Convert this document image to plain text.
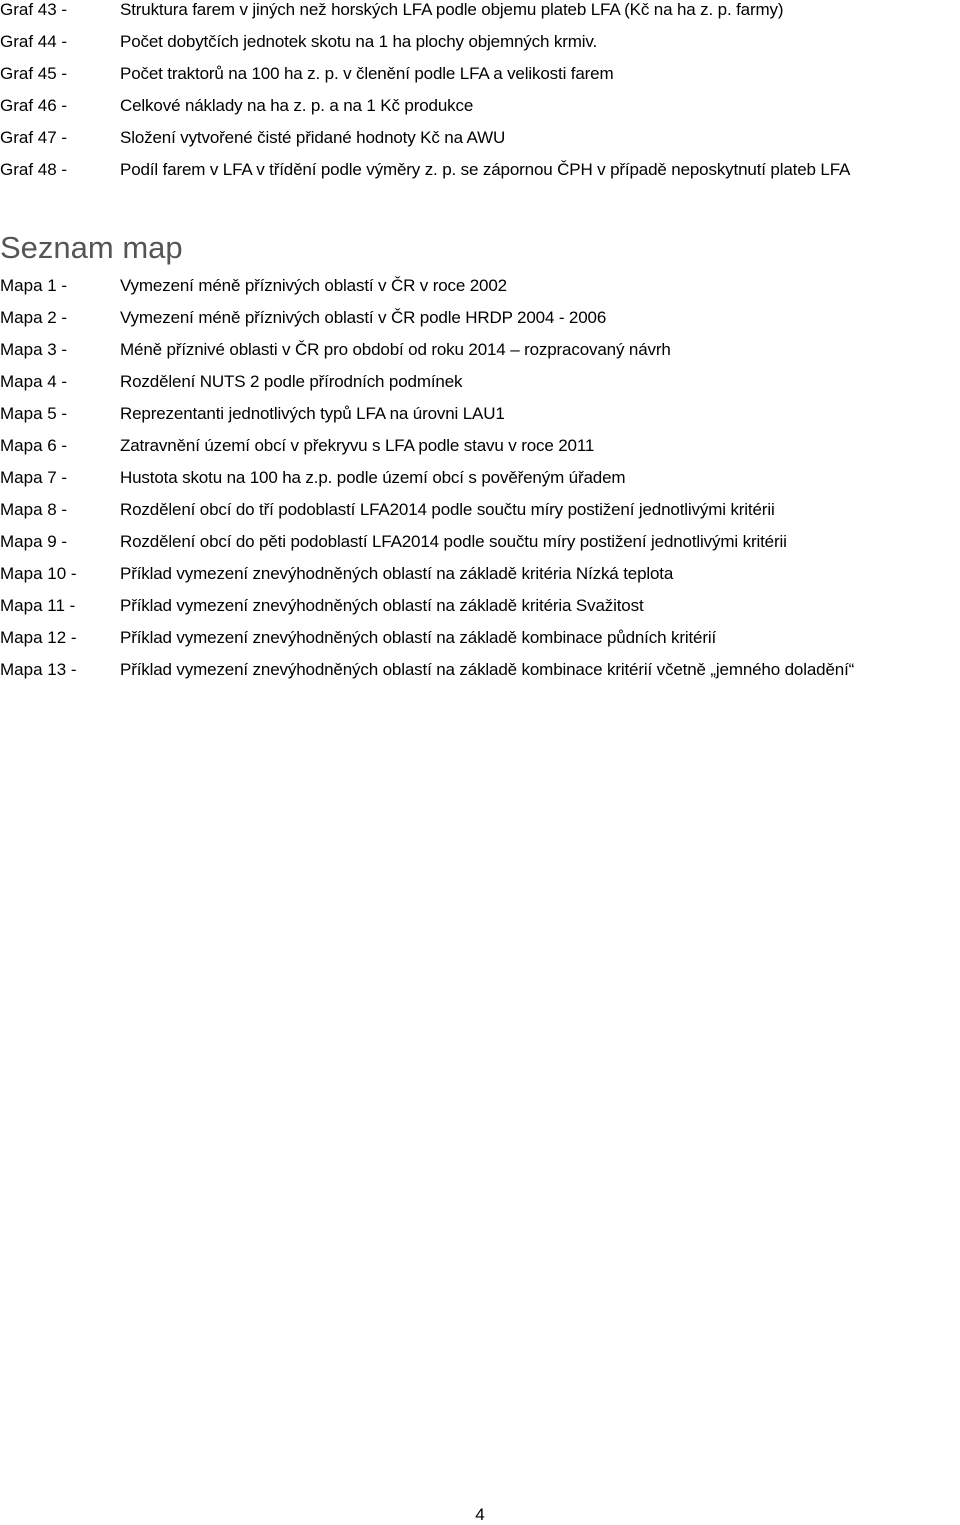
Graf 43 -	Struktura farem v jiných než horských LFA podle objemu plateb LFA (Kč na ha z. p. farmy)
Graf 44 -	Počet dobytčích jednotek skotu na 1 ha plochy objemných krmiv.
Graf 45 -	Počet traktorů na 100 ha z. p. v členění podle LFA a velikosti farem
Graf 46 -	Celkové náklady na ha z. p. a na 1 Kč produkce
Graf 47 -	Složení vytvořené čisté přidané hodnoty Kč na AWU
Graf 48 -	Podíl farem v LFA v třídění podle výměry z. p. se zápornou ČPH v případě neposkytnutí plateb LFA
Seznam map
Mapa 1 -	Vymezení méně příznivých oblastí v ČR v roce 2002
Mapa 2 -	Vymezení méně příznivých oblastí v ČR podle HRDP 2004 - 2006
Mapa 3 -	Méně příznivé oblasti v ČR pro období od roku 2014 – rozpracovaný návrh
Mapa 4 -	Rozdělení NUTS 2 podle přírodních podmínek
Mapa 5 -	Reprezentanti jednotlivých typů LFA na úrovni LAU1
Mapa 6 -	Zatravnění území obcí v překryvu s LFA podle stavu v roce 2011
Mapa 7 -	Hustota skotu na 100 ha z.p. podle území obcí s pověřeným úřadem
Mapa 8 -	Rozdělení obcí do tří podoblastí LFA2014 podle součtu míry postižení jednotlivými kritérii
Mapa 9 -	Rozdělení obcí do pěti podoblastí LFA2014 podle součtu míry postižení jednotlivými kritérii
Mapa 10 -	Příklad vymezení znevýhodněných oblastí na základě kritéria Nízká teplota
Mapa 11 -	Příklad vymezení znevýhodněných oblastí na základě kritéria Svažitost
Mapa 12 -	Příklad vymezení znevýhodněných oblastí na základě kombinace půdních kritérií
Mapa 13 -	Příklad vymezení znevýhodněných oblastí na základě kombinace kritérií včetně „jemného doladění“
4
